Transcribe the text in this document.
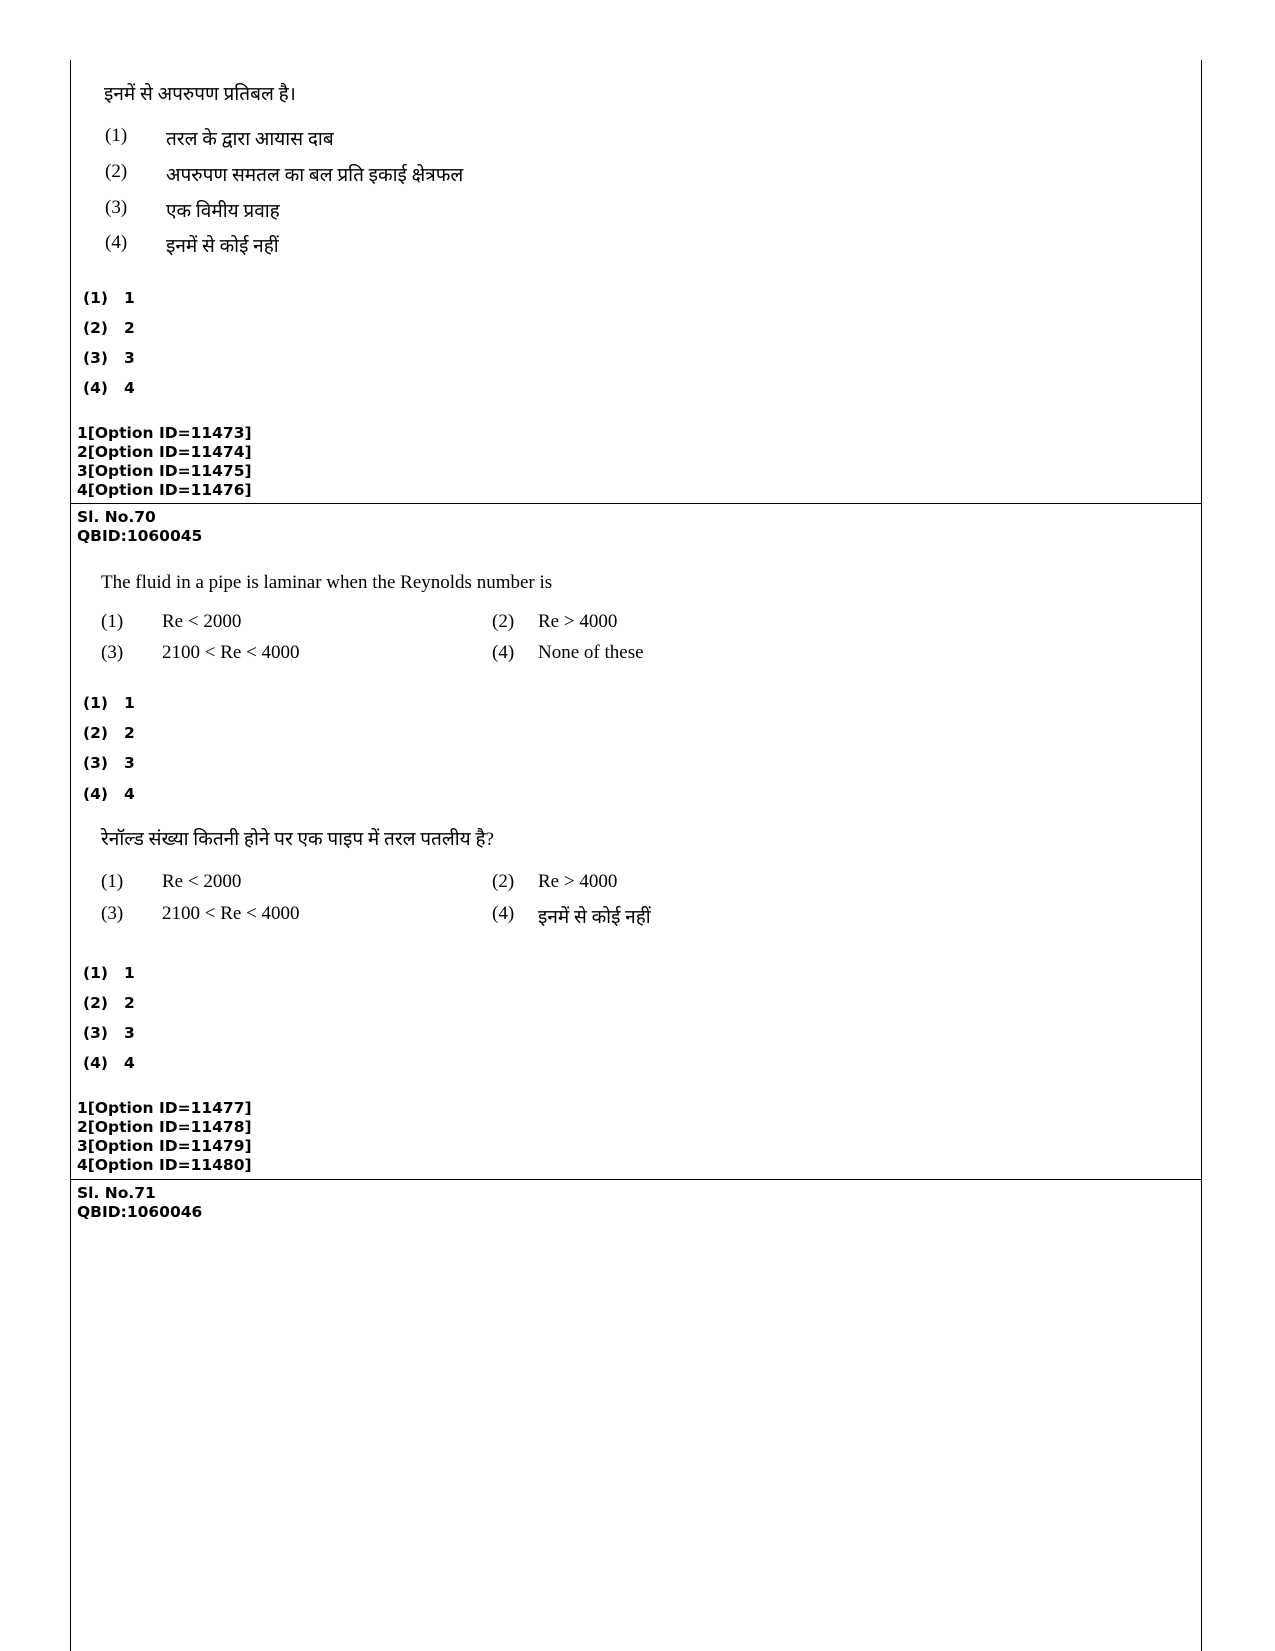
इनमें से अपरुपण प्रतिबल है।
(1) तरल के द्वारा आयास दाब
(2) अपरुपण समतल का बल प्रति इकाई क्षेत्रफल
(3) एक विमीय प्रवाह
(4) इनमें से कोई नहीं
(1) 1
(2) 2
(3) 3
(4) 4
1[Option ID=11473]
2[Option ID=11474]
3[Option ID=11475]
4[Option ID=11476]
Sl. No.70
QBID:1060045
The fluid in a pipe is laminar when the Reynolds number is
(1) Re < 2000	(2) Re > 4000
(3) 2100 < Re < 4000	(4) None of these
(1) 1
(2) 2
(3) 3
(4) 4
रेनॉल्ड संख्या कितनी होने पर एक पाइप में तरल पतलीय है?
(1) Re < 2000	(2) Re > 4000
(3) 2100 < Re < 4000	(4) इनमें से कोई नहीं
(1) 1
(2) 2
(3) 3
(4) 4
1[Option ID=11477]
2[Option ID=11478]
3[Option ID=11479]
4[Option ID=11480]
Sl. No.71
QBID:1060046
